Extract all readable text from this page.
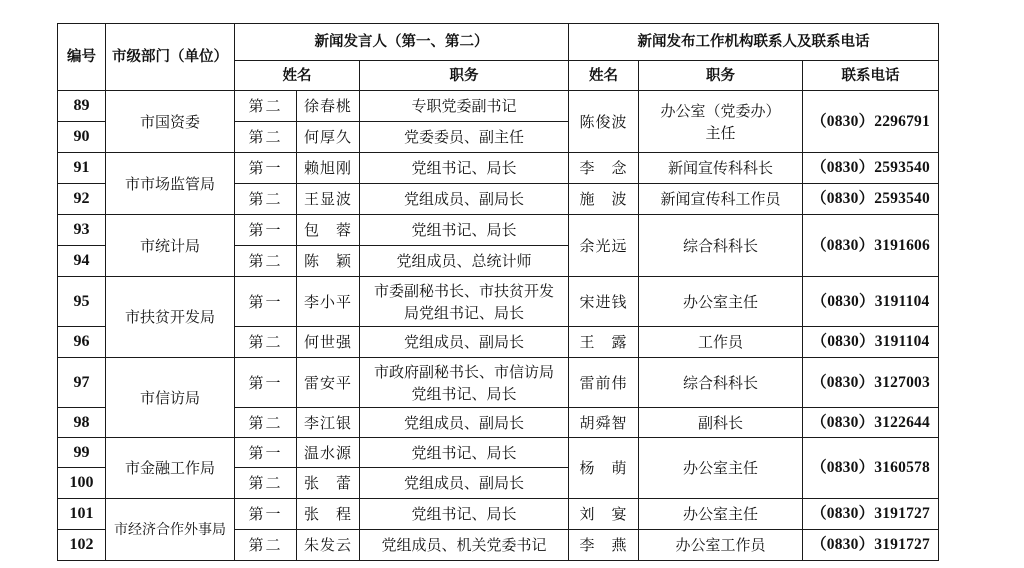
编号	市级部门（单位）	新闻发言人（第一、第二）			新闻发布工作机构联系人及联系电话		
		姓名		职务	姓名	职务	联系电话
89	市国资委	第二	徐春桃	专职党委副书记	陈俊波	办公室（党委办）
主任	（0830）2296791
90		第二	何厚久	党委委员、副主任			
91	市市场监管局	第一	赖旭刚	党组书记、局长	李　念	新闻宣传科科长	（0830）2593540
92		第二	王显波	党组成员、副局长	施　波	新闻宣传科工作员	（0830）2593540
93	市统计局	第一	包　蓉	党组书记、局长	余光远	综合科科长	（0830）3191606
94		第二	陈　颖	党组成员、总统计师			
95	市扶贫开发局	第一	李小平	市委副秘书长、市扶贫开发
局党组书记、局长	宋进钱	办公室主任	（0830）3191104
96		第二	何世强	党组成员、副局长	王　露	工作员	（0830）3191104
97	市信访局	第一	雷安平	市政府副秘书长、市信访局
党组书记、局长	雷前伟	综合科科长	（0830）3127003
98		第二	李江银	党组成员、副局长	胡舜智	副科长	（0830）3122644
99	市金融工作局	第一	温水源	党组书记、局长	杨　萌	办公室主任	（0830）3160578
100		第二	张　蕾	党组成员、副局长			
101	市经济合作外事局	第一	张　程	党组书记、局长	刘　宴	办公室主任	（0830）3191727
102		第二	朱发云	党组成员、机关党委书记	李　燕	办公室工作员	（0830）3191727
